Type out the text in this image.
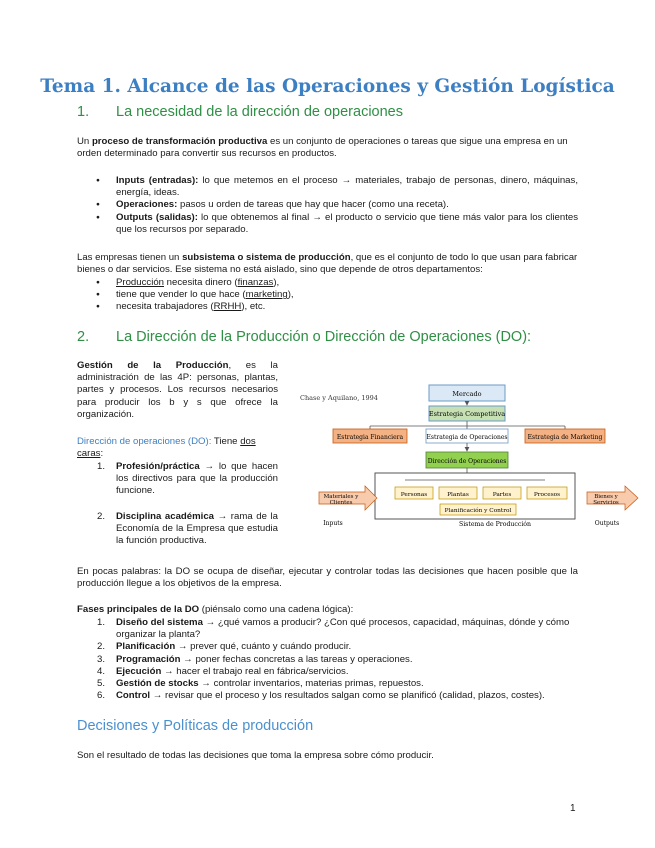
Tema 1. Alcance de las Operaciones y Gestión Logística
1. La necesidad de la dirección de operaciones

Un proceso de transformación productiva es un conjunto de operaciones o tareas que sigue una empresa en un orden determinado para convertir sus recursos en productos.

● Inputs (entradas): lo que metemos en el proceso → materiales, trabajo de personas, dinero, máquinas, energía, ideas.
● Operaciones: pasos u orden de tareas que hay que hacer (como una receta).
● Outputs (salidas): lo que obtenemos al final → el producto o servicio que tiene más valor para los clientes que los recursos por separado.

Las empresas tienen un subsistema o sistema de producción, que es el conjunto de todo lo que usan para fabricar bienes o dar servicios. Ese sistema no está aislado, sino que depende de otros departamentos:

● Producción necesita dinero (finanzas),
● tiene que vender lo que hace (marketing),
● necesita trabajadores (RRHH), etc.
2. La Dirección de la Producción o Dirección de Operaciones (DO):

Gestión de la Producción, es la administración de las 4P: personas, plantas, partes y procesos. Los recursos necesarios para producir los b y s que ofrece la organización.

Dirección de operaciones (DO): Tiene dos caras:

1. Profesión/práctica → lo que hacen los directivos para que la producción funcione.
2. Disciplina académica → rama de la Economía de la Empresa que estudia la función productiva.
Chase y Aquilano, 1994	Mercado
Estrategia Competitiva
Estrategia Financiera	Estrategia de Operaciones	Estrategia de Marketing
Dirección de Operaciones
Personas	Plantas	Partes	Procesos
Planificación y Control
Materiales y
Clientes
Inputs
Bienes y
Servicios
Outputs
Sistema de Producción

En pocas palabras: la DO se ocupa de diseñar, ejecutar y controlar todas las decisiones que hacen posible que la producción llegue a los objetivos de la empresa.

Fases principales de la DO (piénsalo como una cadena lógica):

1. Diseño del sistema → ¿qué vamos a producir? ¿Con qué procesos, capacidad, máquinas, dónde y cómo organizar la planta?
2. Planificación → prever qué, cuánto y cuándo producir.
3. Programación → poner fechas concretas a las tareas y operaciones.
4. Ejecución → hacer el trabajo real en fábrica/servicios.
5. Gestión de stocks → controlar inventarios, materias primas, repuestos.
6. Control → revisar que el proceso y los resultados salgan como se planificó (calidad, plazos, costes).
Decisiones y Políticas de producción

Son el resultado de todas las decisiones que toma la empresa sobre cómo producir.

1
